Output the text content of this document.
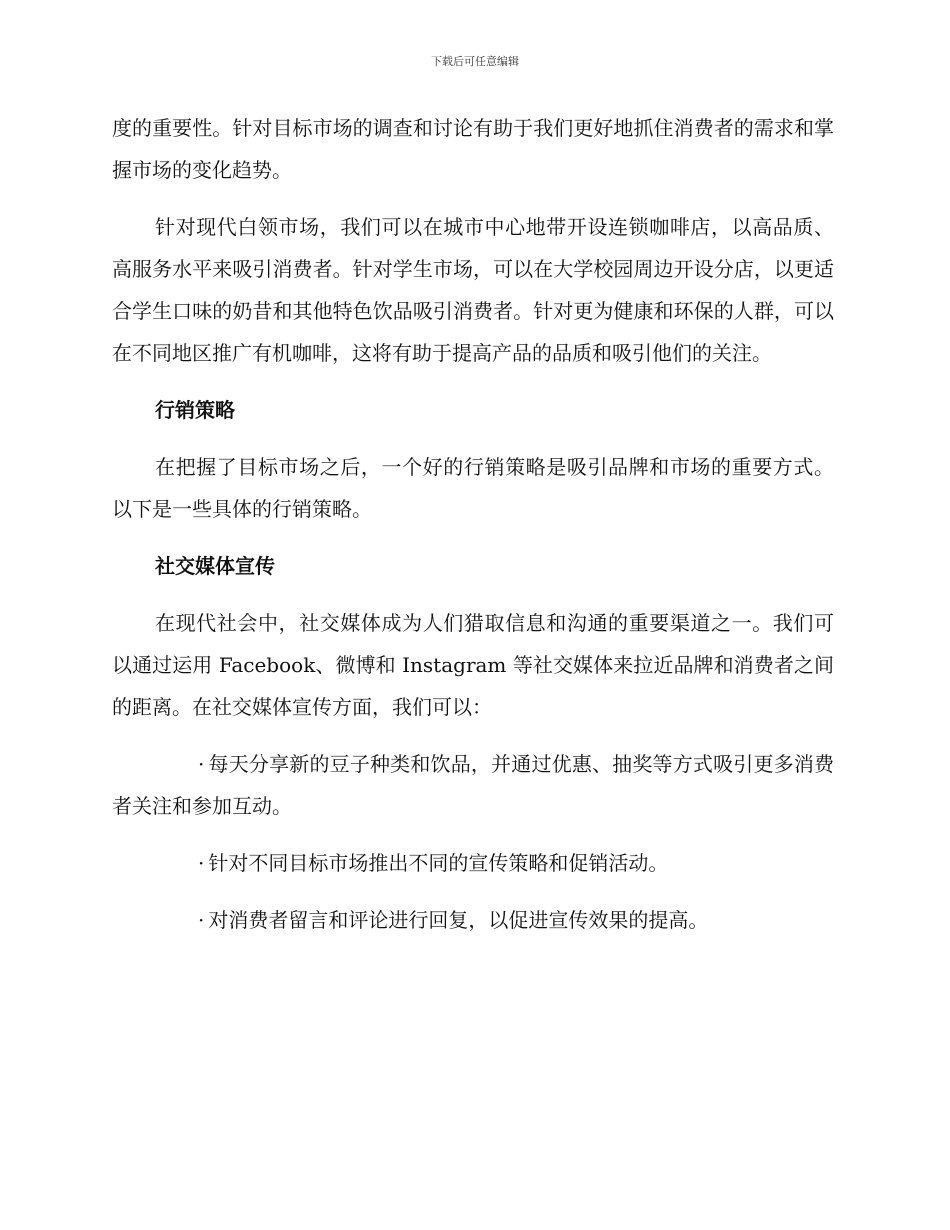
下载后可任意编辑

度的重要性。针对目标市场的调查和讨论有助于我们更好地抓住消费者的需求和掌握市场的变化趋势。

针对现代白领市场，我们可以在城市中心地带开设连锁咖啡店，以高品质、高服务水平来吸引消费者。针对学生市场，可以在大学校园周边开设分店，以更适合学生口味的奶昔和其他特色饮品吸引消费者。针对更为健康和环保的人群，可以在不同地区推广有机咖啡，这将有助于提高产品的品质和吸引他们的关注。

行销策略

在把握了目标市场之后，一个好的行销策略是吸引品牌和市场的重要方式。以下是一些具体的行销策略。

社交媒体宣传

在现代社会中，社交媒体成为人们猎取信息和沟通的重要渠道之一。我们可以通过运用 Facebook、微博和 Instagram 等社交媒体来拉近品牌和消费者之间的距离。在社交媒体宣传方面，我们可以：

· 每天分享新的豆子种类和饮品，并通过优惠、抽奖等方式吸引更多消费者关注和参加互动。

· 针对不同目标市场推出不同的宣传策略和促销活动。

· 对消费者留言和评论进行回复，以促进宣传效果的提高。
